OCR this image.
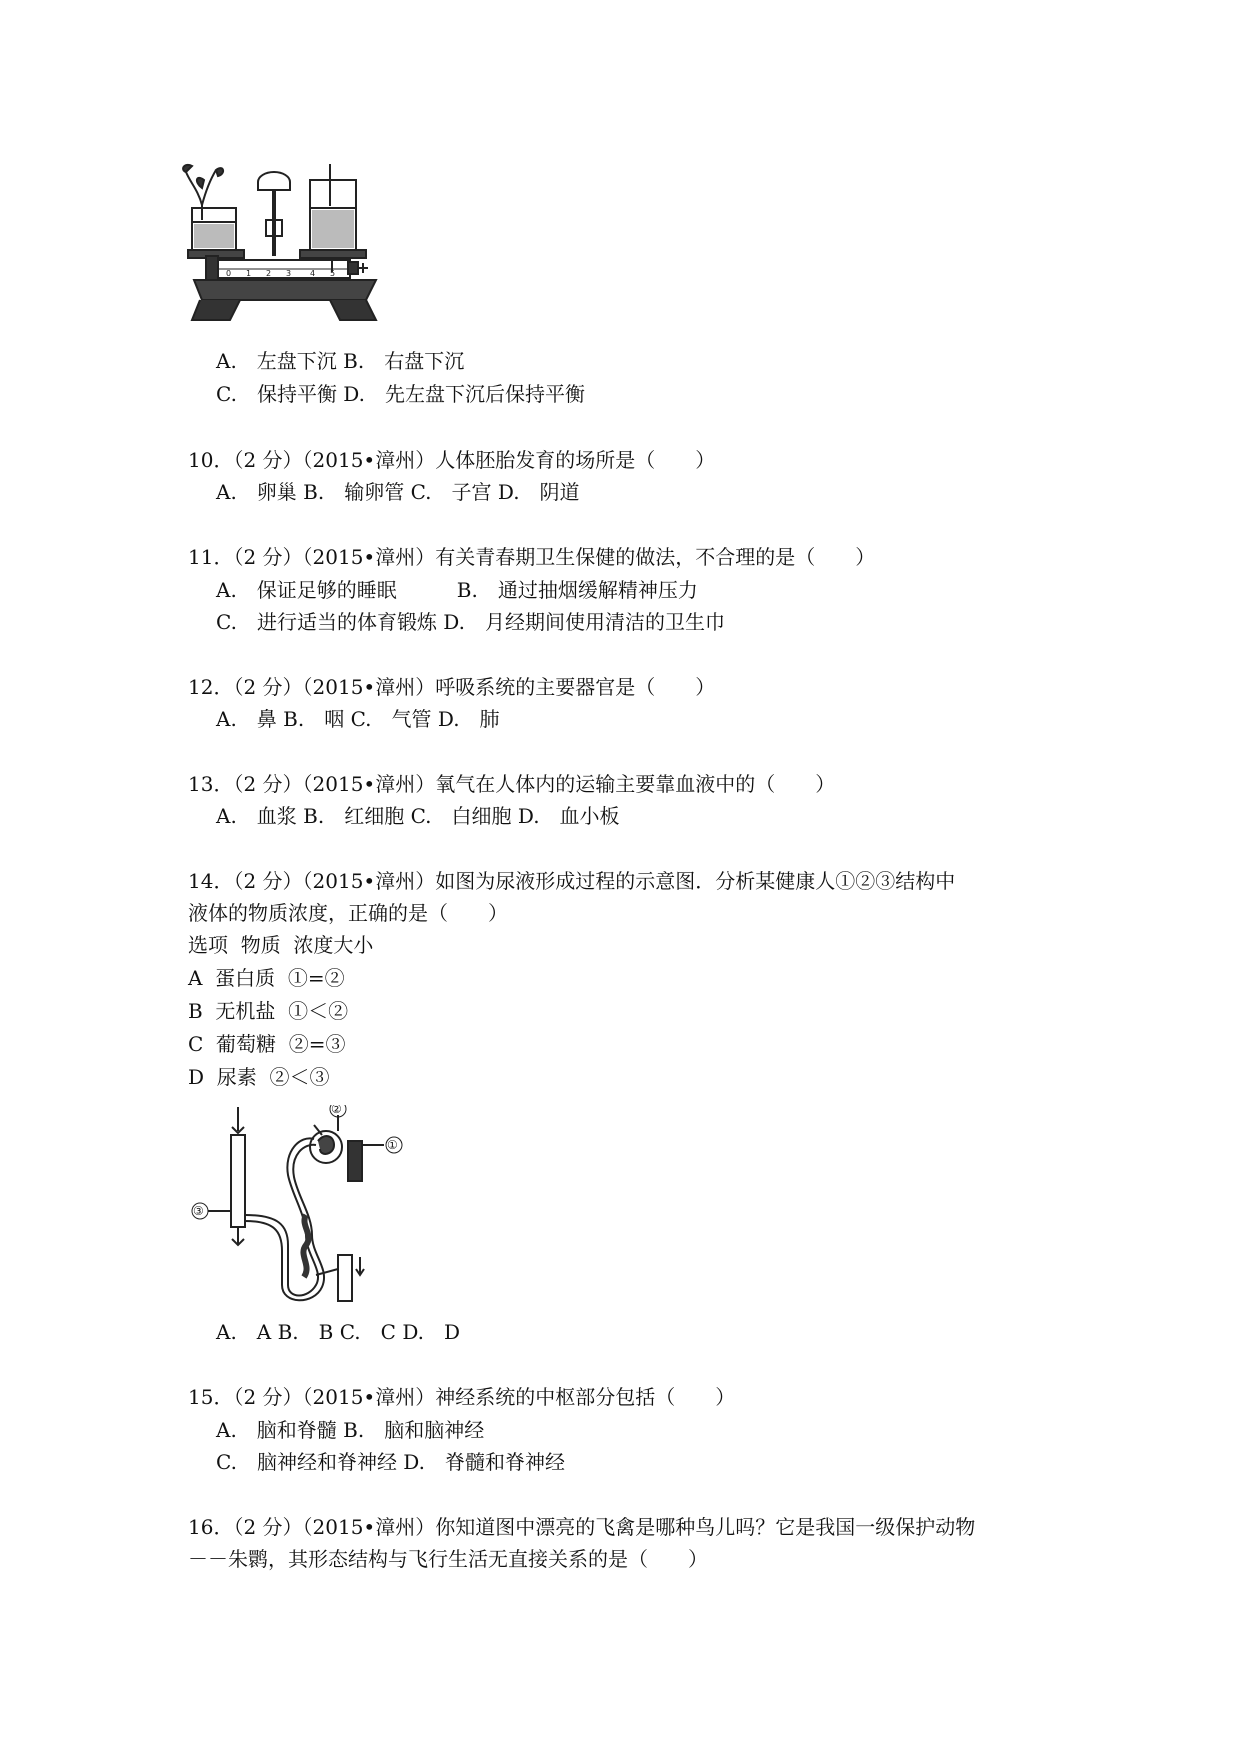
0 1 2 3 4 5
A.　左盘下沉 B.　右盘下沉
C.　保持平衡 D.　先左盘下沉后保持平衡
10．（2 分）（2015•漳州）人体胚胎发育的场所是（　　）
A.　卵巢 B.　输卵管 C.　子宫 D.　阴道
11．（2 分）（2015•漳州）有关青春期卫生保健的做法，不合理的是（　　）
A.　保证足够的睡眠　　　B.　通过抽烟缓解精神压力
C.　进行适当的体育锻炼 D.　月经期间使用清洁的卫生巾
12．（2 分）（2015•漳州）呼吸系统的主要器官是（　　）
A.　鼻 B.　咽 C.　气管 D.　肺
13．（2 分）（2015•漳州）氧气在人体内的运输主要靠血液中的（　　）
A.　血浆 B.　红细胞 C.　白细胞 D.　血小板
14．（2 分）（2015•漳州）如图为尿液形成过程的示意图．分析某健康人①②③结构中
液体的物质浓度，正确的是（　　）
选项  物质  浓度大小
A  蛋白质  ①=②
B  无机盐  ①＜②
C  葡萄糖  ②=③
D  尿素  ②＜③
③
②
①
A.　A B.　B C.　C D.　D
15．（2 分）（2015•漳州）神经系统的中枢部分包括（　　）
A.　脑和脊髓 B.　脑和脑神经
C.　脑神经和脊神经 D.　脊髓和脊神经
16．（2 分）（2015•漳州）你知道图中漂亮的飞禽是哪种鸟儿吗？它是我国一级保护动物
－－朱鹮，其形态结构与飞行生活无直接关系的是（　　）
